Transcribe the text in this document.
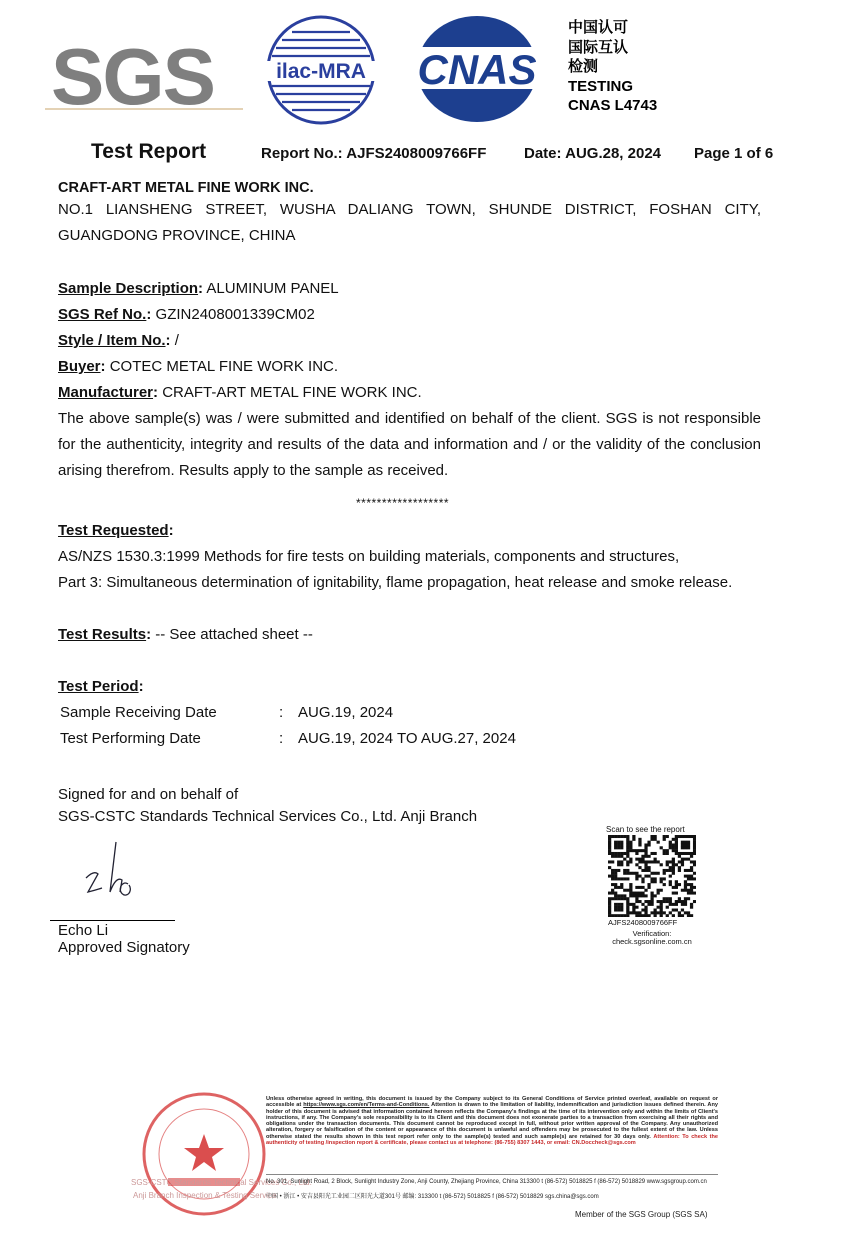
SGS	ilac-MRA CNAS
中国认可
国际互认
检测
TESTING
CNAS L4743
Test Report	Report No.: AJFS2408009766FF	Date: AUG.28, 2024 Page 1 of 6
CRAFT-ART METAL FINE WORK INC.
NO.1 LIANSHENG STREET, WUSHA DALIANG TOWN, SHUNDE DISTRICT, FOSHAN CITY, GUANGDONG PROVINCE, CHINA
Sample Description: ALUMINUM PANEL
SGS Ref No.: GZIN2408001339CM02
Style / Item No.: /
Buyer: COTEC METAL FINE WORK INC.
Manufacturer: CRAFT-ART METAL FINE WORK INC.
The above sample(s) was / were submitted and identified on behalf of the client. SGS is not responsible for the authenticity, integrity and results of the data and information and / or the validity of the conclusion arising therefrom. Results apply to the sample as received.
******************
Test Requested:
AS/NZS 1530.3:1999 Methods for fire tests on building materials, components and structures,
Part 3: Simultaneous determination of ignitability, flame propagation, heat release and smoke release.
Test Results: -- See attached sheet --
Test Period:
Sample Receiving Date	: AUG.19, 2024
Test Performing Date	: AUG.19, 2024 TO AUG.27, 2024
Signed for and on behalf of
SGS-CSTC Standards Technical Services Co., Ltd. Anji Branch
Echo Li
Approved Signatory
Scan to see the report
AJFS2408009766FF
Verification:
check.sgsonline.com.cn
SGS-CSTC Standards Technical Services Co., Ltd.
Anji Branch Inspection & Testing Service
Unless otherwise agreed in writing, this document is issued by the Company subject to its General Conditions of Service printed overleaf, available on request or accessible at https://www.sgs.com/en/Terms-and-Conditions. Attention is drawn to the limitation of liability, indemnification and jurisdiction issues defined therein. Any holder of this document is advised that information contained hereon reflects the Company's findings at the time of its intervention only and within the limits of Client's instructions, if any. The Company's sole responsibility is to its Client and this document does not exonerate parties to a transaction from exercising all their rights and obligations under the transaction documents. This document cannot be reproduced except in full, without prior written approval of the Company. Any unauthorized alteration, forgery or falsification of the content or appearance of this document is unlawful and offenders may be prosecuted to the fullest extent of the law. Unless otherwise stated the results shown in this test report refer only to the sample(s) tested and such sample(s) are retained for 30 days only. Attention: To check the authenticity of testing /inspection report & certificate, please contact us at telephone: (86-755) 8307 1443, or email: CN.Doccheck@sgs.com
No. 301, Sunlight Road, 2 Block, Sunlight Industry Zone, Anji County, Zhejiang Province, China 313300 t (86-572) 5018825 f (86-572) 5018829 www.sgsgroup.com.cn
中国 • 浙江 • 安吉县阳光工业园二区阳光大道301号 邮编: 313300 t (86-572) 5018825 f (86-572) 5018829 sgs.china@sgs.com
Member of the SGS Group (SGS SA)
